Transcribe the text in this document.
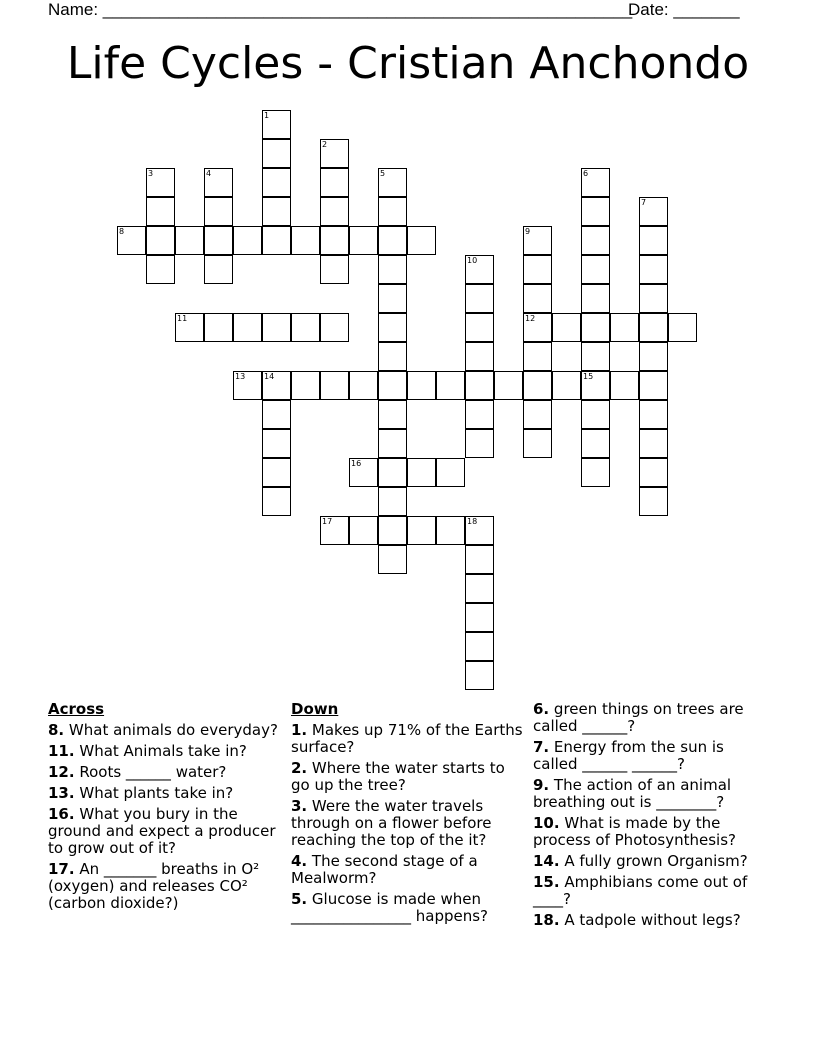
Name: ________________________________________________________
Date: _______
Life Cycles - Cristian Anchondo
1
2
3	4	5	6
15
7
8	9
12
10
11
13 14
16
17	18
Across
8. What animals do everyday?
11. What Animals take in?
12. Roots ______ water?
13. What plants take in?
16. What you bury in the ground and expect a producer to grow out of it?
17. An _______ breaths in O² (oxygen) and releases CO² (carbon dioxide?)
Down
1. Makes up 71% of the Earths surface?
2. Where the water starts to go up the tree?
3. Were the water travels through on a flower before reaching the top of the it?
4. The second stage of a Mealworm?
5. Glucose is made when ________________ happens?
6. green things on trees are called ______?
7. Energy from the sun is called ______ ______?
9. The action of an animal breathing out is ________?
10. What is made by the process of Photosynthesis?
14. A fully grown Organism?
15. Amphibians come out of ____?
18. A tadpole without legs?
